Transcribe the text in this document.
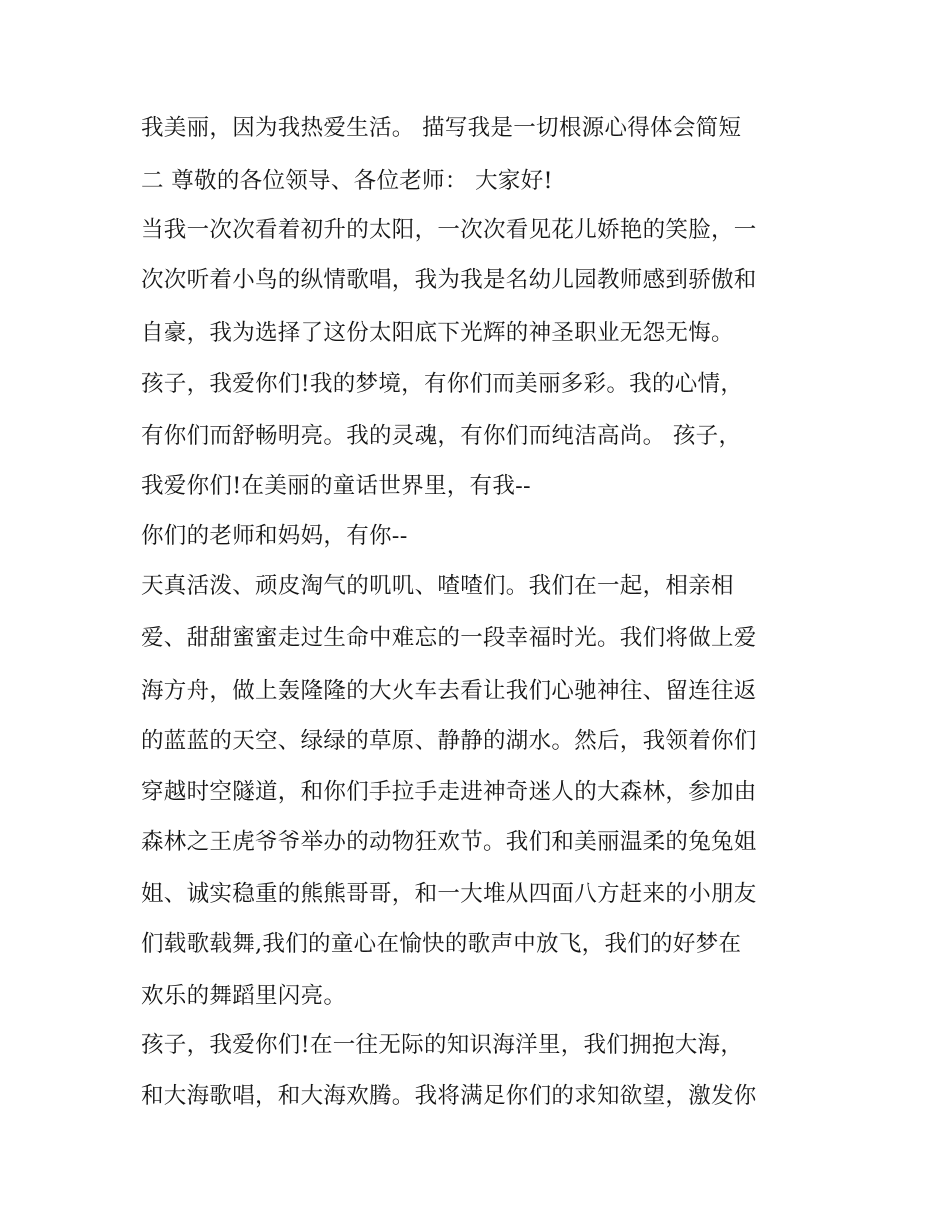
我美丽，因为我热爱生活。 描写我是一切根源心得体会简短
二 尊敬的各位领导、各位老师： 大家好!
当我一次次看着初升的太阳，一次次看见花儿娇艳的笑脸，一
次次听着小鸟的纵情歌唱，我为我是名幼儿园教师感到骄傲和
自豪，我为选择了这份太阳底下光辉的神圣职业无怨无悔。
孩子，我爱你们!我的梦境，有你们而美丽多彩。我的心情，
有你们而舒畅明亮。我的灵魂，有你们而纯洁高尚。 孩子，
我爱你们!在美丽的童话世界里，有我--
你们的老师和妈妈，有你--
天真活泼、顽皮淘气的叽叽、喳喳们。我们在一起，相亲相
爱、甜甜蜜蜜走过生命中难忘的一段幸福时光。我们将做上爱
海方舟，做上轰隆隆的大火车去看让我们心驰神往、留连往返
的蓝蓝的天空、绿绿的草原、静静的湖水。然后，我领着你们
穿越时空隧道，和你们手拉手走进神奇迷人的大森林，参加由
森林之王虎爷爷举办的动物狂欢节。我们和美丽温柔的兔兔姐
姐、诚实稳重的熊熊哥哥，和一大堆从四面八方赶来的小朋友
们载歌载舞,我们的童心在愉快的歌声中放飞，我们的好梦在
欢乐的舞蹈里闪亮。
孩子，我爱你们!在一往无际的知识海洋里，我们拥抱大海，
和大海歌唱，和大海欢腾。我将满足你们的求知欲望，激发你
